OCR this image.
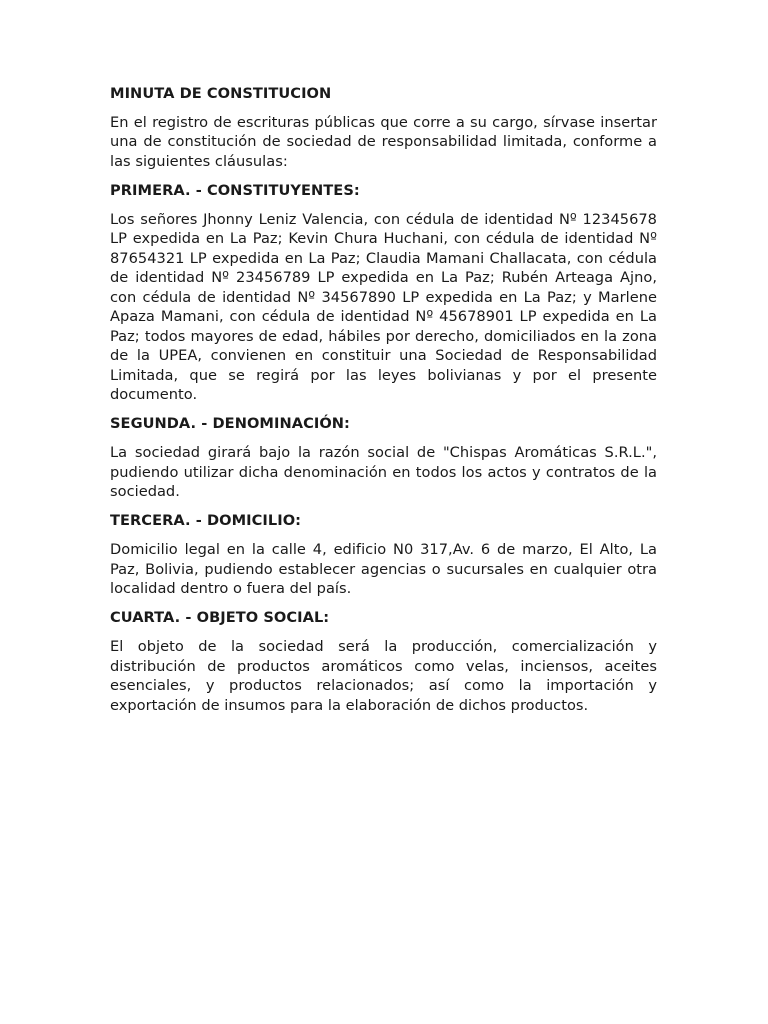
MINUTA DE CONSTITUCION

En el registro de escrituras públicas que corre a su cargo, sírvase insertar una de constitución de sociedad de responsabilidad limitada, conforme a las siguientes cláusulas:

PRIMERA. - CONSTITUYENTES:

Los señores Jhonny Leniz Valencia, con cédula de identidad Nº 12345678 LP expedida en La Paz; Kevin Chura Huchani, con cédula de identidad Nº 87654321 LP expedida en La Paz; Claudia Mamani Challacata, con cédula de identidad Nº 23456789 LP expedida en La Paz; Rubén Arteaga Ajno, con cédula de identidad Nº 34567890 LP expedida en La Paz; y Marlene Apaza Mamani, con cédula de identidad Nº 45678901 LP expedida en La Paz; todos mayores de edad, hábiles por derecho, domiciliados en la zona de la UPEA, convienen en constituir una Sociedad de Responsabilidad Limitada, que se regirá por las leyes bolivianas y por el presente documento.

SEGUNDA. - DENOMINACIÓN:

La sociedad girará bajo la razón social de "Chispas Aromáticas S.R.L.", pudiendo utilizar dicha denominación en todos los actos y contratos de la sociedad.

TERCERA. - DOMICILIO:

Domicilio legal en la calle 4, edificio N0 317,Av. 6 de marzo, El Alto, La Paz, Bolivia, pudiendo establecer agencias o sucursales en cualquier otra localidad dentro o fuera del país.

CUARTA. - OBJETO SOCIAL:

El objeto de la sociedad será la producción, comercialización y distribución de productos aromáticos como velas, inciensos, aceites esenciales, y productos relacionados; así como la importación y exportación de insumos para la elaboración de dichos productos.
